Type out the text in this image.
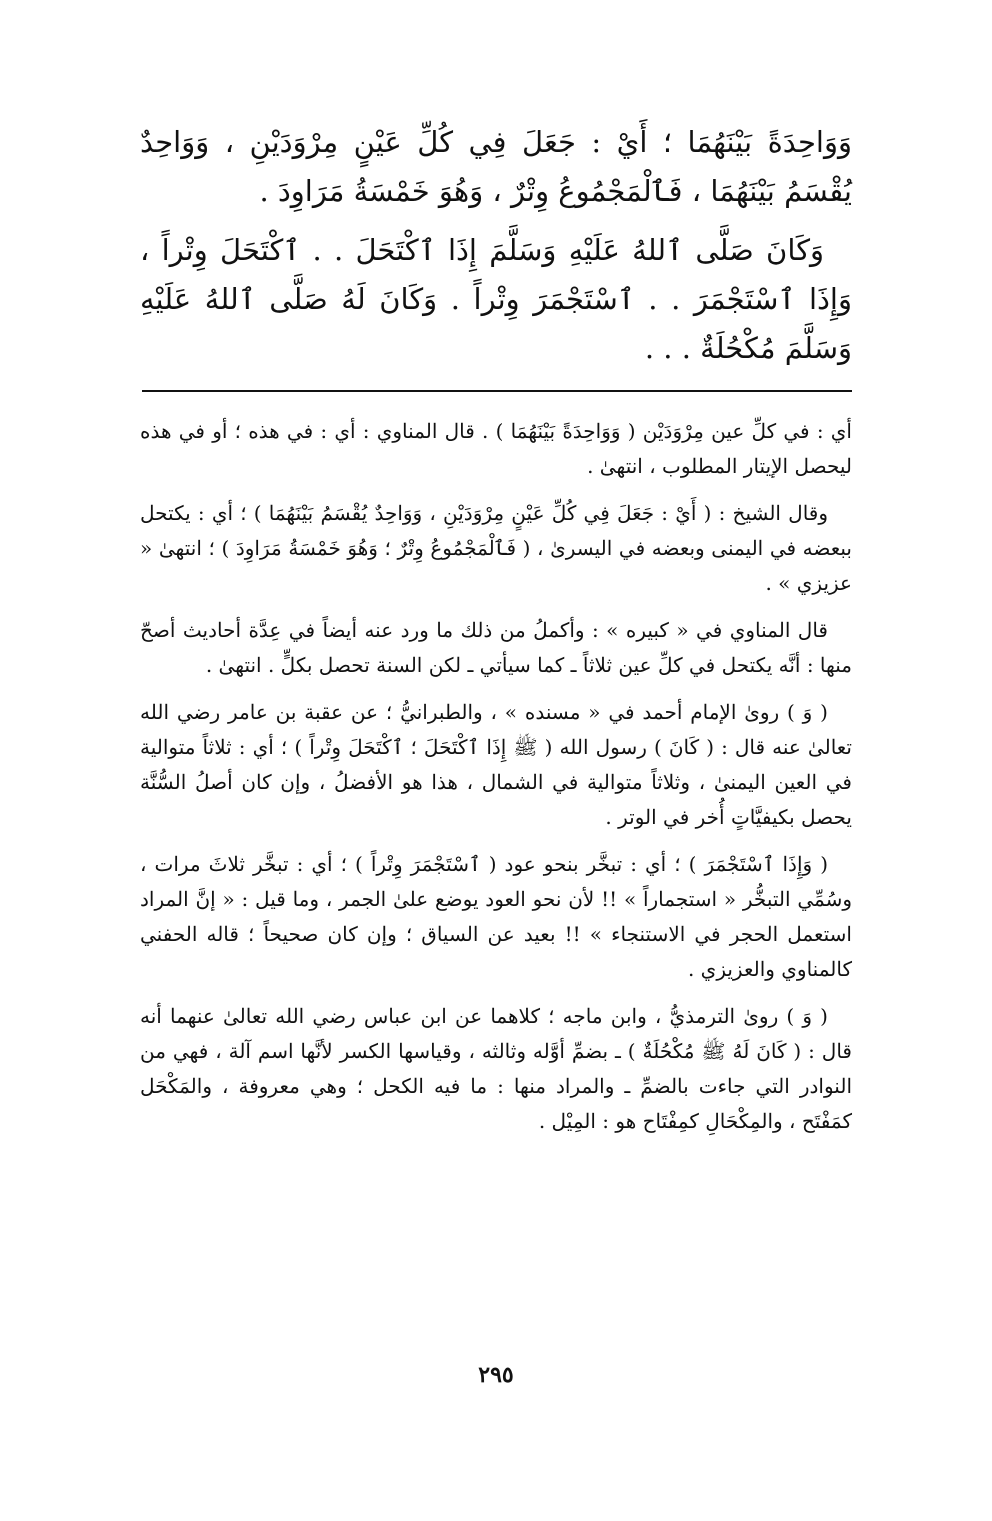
وَوَاحِدَةً بَيْنَهُمَا ؛ أَيْ : جَعَلَ فِي كُلِّ عَيْنٍ مِرْوَدَيْنِ ، وَوَاحِدٌ يُقْسَمُ بَيْنَهُمَا ، فَٱلْمَجْمُوعُ وِتْرٌ ، وَهُوَ خَمْسَةُ مَرَاوِدَ .

وَكَانَ صَلَّى ٱللهُ عَلَيْهِ وَسَلَّمَ إِذَا ٱكْتَحَلَ . . ٱكْتَحَلَ وِتْراً ، وَإِذَا ٱسْتَجْمَرَ . . ٱسْتَجْمَرَ وِتْراً . وَكَانَ لَهُ صَلَّى ٱللهُ عَلَيْهِ وَسَلَّمَ مُكْحُلَةٌ . . .

أي : في كلِّ عين مِرْوَدَيْن ( وَوَاحِدَةً بَيْنَهُمَا ) . قال المناوي : أي : في هذه ؛ أو في هذه ليحصل الإيتار المطلوب ، انتهىٰ .

وقال الشيخ : ( أَيْ : جَعَلَ فِي كُلِّ عَيْنٍ مِرْوَدَيْنِ ، وَوَاحِدٌ يُقْسَمُ بَيْنَهُمَا ) ؛ أي : يكتحل ببعضه في اليمنى وبعضه في اليسرىٰ ، ( فَٱلْمَجْمُوعُ وِتْرٌ ؛ وَهُوَ خَمْسَةُ مَرَاوِدَ ) ؛ انتهىٰ « عزيزي » .

قال المناوي في « كبيره » : وأكملُ من ذلك ما ورد عنه أيضاً في عِدَّة أحاديث أصحّ منها : أنَّه يكتحل في كلِّ عين ثلاثاً ـ كما سيأتي ـ لكن السنة تحصل بكلٍّ . انتهىٰ .

( وَ ) روىٰ الإمام أحمد في « مسنده » ، والطبرانيُّ ؛ عن عقبة بن عامر رضي الله تعالىٰ عنه قال : ( كَانَ ) رسول الله ( ﷺ إِذَا ٱكْتَحَلَ ؛ ٱكْتَحَلَ وِتْراً ) ؛ أي : ثلاثاً متوالية في العين اليمنىٰ ، وثلاثاً متوالية في الشمال ، هذا هو الأفضلُ ، وإن كان أصلُ السُّنَّة يحصل بكيفيَّاتٍ أُخر في الوتر .

( وَإِذَا ٱسْتَجْمَرَ ) ؛ أي : تبخَّر بنحو عود ( ٱسْتَجْمَرَ وِتْراً ) ؛ أي : تبخَّر ثلاثَ مرات ، وسُمِّي التبخُّر « استجماراً » !! لأن نحو العود يوضع علىٰ الجمر ، وما قيل : « إنَّ المراد استعمل الحجر في الاستنجاء » !! بعيد عن السياق ؛ وإن كان صحيحاً ؛ قاله الحفني كالمناوي والعزيزي .

( وَ ) روىٰ الترمذيُّ ، وابن ماجه ؛ كلاهما عن ابن عباس رضي الله تعالىٰ عنهما أنه قال : ( كَانَ لَهُ ﷺ مُكْحُلَةٌ ) ـ بضمِّ أوَّله وثالثه ، وقياسها الكسر لأنَّها اسم آلة ، فهي من النوادر التي جاءت بالضمِّ ـ والمراد منها : ما فيه الكحل ؛ وهي معروفة ، والمَكْحَل كمَفْتَح ، والمِكْحَالِ كمِفْتَاح هو : المِيْل .

٢٩٥
